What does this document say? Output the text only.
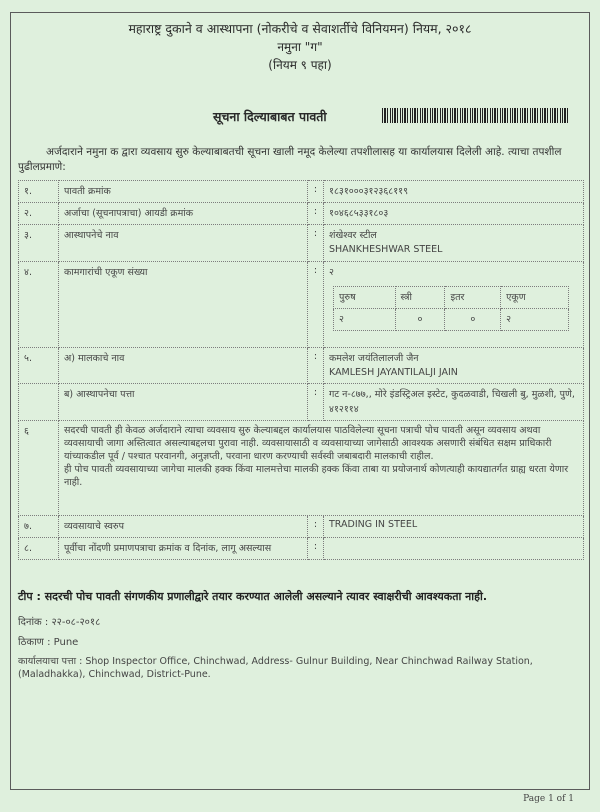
महाराष्ट्र दुकाने व आस्थापना (नोकरीचे व सेवाशर्तीचे विनियमन) नियम, २०१८
नमुना "ग"
(नियम ९ पहा)
सूचना दिल्याबाबत पावती
अर्जदाराने नमुना क द्वारा व्यवसाय सुरु केल्याबाबतची सूचना खाली नमूद केलेल्या तपशीलासह या कार्यालयास दिलेली आहे. त्याचा तपशील पुढीलप्रमाणे:
१.	पावती क्रमांक	:	१८३१०००३१२३६८११९
२.	अर्जाचा (सूचनापत्राचा) आयडी क्रमांक	:	१०४६८५३३१८०३
३.	आस्थापनेचे नाव	:	शंखेश्वर स्टील
SHANKHESHWAR STEEL

४.	कामगारांची एकूण संख्या	:	२
पुरुष	स्त्री	इतर	एकूण
२	०	०	२

५.	अ) मालकाचे नाव	:	कमलेश जयंतिलालजी जैन
KAMLESH JAYANTILALJI JAIN

	ब) आस्थापनेचा पत्ता	:	गट न-८७७,, मोरे इंडस्ट्रिअल इस्टेट, कुदळवाडी, चिखली बु, मुळशी, पुणे, ४१२११४
६	सदरची पावती ही केवळ अर्जदाराने त्याचा व्यवसाय सुरु केल्याबद्दल कार्यालयास पाठविलेल्या सूचना पत्राची पोच पावती असून व्यवसाय अथवा व्यवसायाची जागा अस्तित्वात असल्याबद्दलचा पुरावा नाही. व्यवसायासाठी व व्यवसायाच्या जागेसाठी आवश्यक असणारी संबंधित सक्षम प्राधिकारी यांच्याकडील पूर्व / पश्चात परवानगी, अनुज्ञप्ती, परवाना धारण करण्याची सर्वस्वी जबाबदारी मालकाची राहील.
ही पोच पावती व्यवसायाच्या जागेचा मालकी हक्क किंवा मालमत्तेचा मालकी हक्क किंवा ताबा या प्रयोजनार्थ कोणत्याही कायद्यातर्गत ग्राह्य धरता येणार नाही.

७.	व्यवसायाचे स्वरुप	:	TRADING IN STEEL
८.	पूर्वीचा नोंदणी प्रमाणपत्राचा क्रमांक व दिनांक, लागू असल्यास	:	
टीप : सदरची पोच पावती संगणकीय प्रणालीद्वारे तयार करण्यात आलेली असल्याने त्यावर स्वाक्षरीची आवश्यकता नाही.
दिनांक : २२-०८-२०१८
ठिकाण : Pune
कार्यालयाचा पत्ता : Shop Inspector Office, Chinchwad, Address- Gulnur Building, Near Chinchwad Railway Station, (Maladhakka), Chinchwad, District-Pune.
Page 1 of 1
